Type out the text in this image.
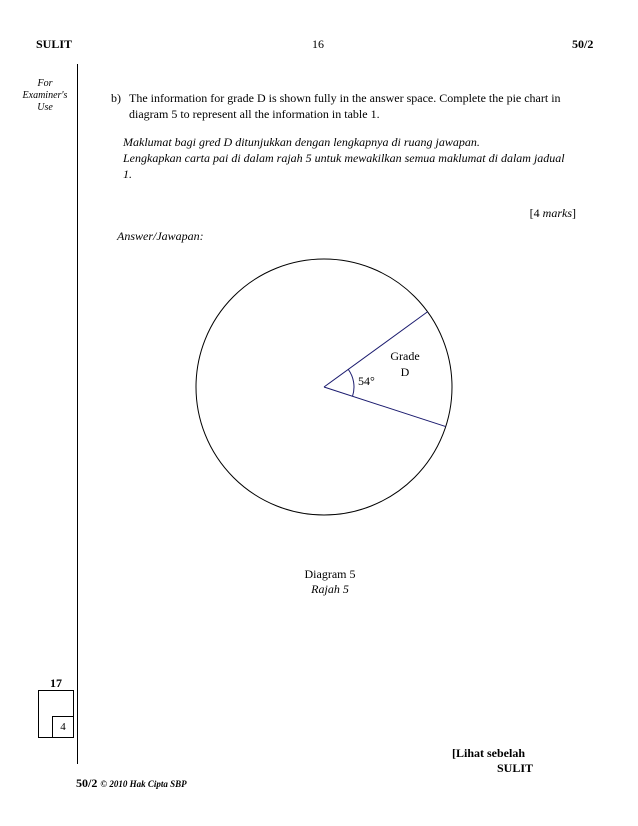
SULIT	16	50/2
For Examiner's Use
b) The information for grade D is shown fully in the answer space. Complete the pie chart in diagram 5 to represent all the information in table 1.
Maklumat bagi gred D ditunjukkan dengan lengkapnya di ruang jawapan.
Lengkapkan carta pai di dalam rajah 5 untuk mewakilkan semua maklumat di dalam jadual 1.
[4 marks]
Answer/Jawapan:
Grade
D
54°
Diagram 5
Rajah 5
17
4
[Lihat sebelah
SULIT
50/2 © 2010 Hak Cipta SBP
